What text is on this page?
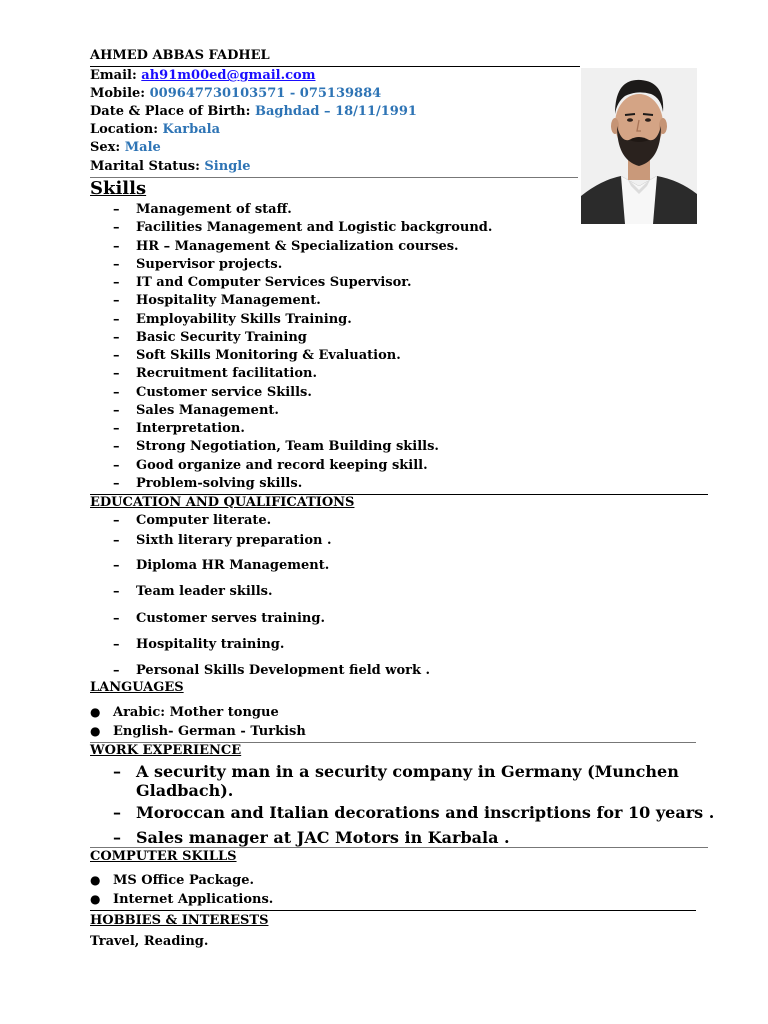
AHMED ABBAS FADHEL
Email: ah91m00ed@gmail.com
Mobile: 009647730103571 - 075139884
Date & Place of Birth: Baghdad – 18/11/1991
Location: Karbala
Sex: Male
Marital Status: Single
Skills
– Management of staff.
– Facilities Management and Logistic background.
– HR – Management & Specialization courses.
– Supervisor projects.
– IT and Computer Services Supervisor.
– Hospitality Management.
– Employability Skills Training.
– Basic Security Training
– Soft Skills Monitoring & Evaluation.
– Recruitment facilitation.
– Customer service Skills.
– Sales Management.
– Interpretation.
– Strong Negotiation, Team Building skills.
– Good organize and record keeping skill.
– Problem-solving skills.
EDUCATION AND QUALIFICATIONS
– Computer literate.
– Sixth literary preparation .
– Diploma HR Management.
– Team leader skills.
– Customer serves training.
– Hospitality training.
– Personal Skills Development field work .
LANGUAGES
● Arabic: Mother tongue
● English- German - Turkish
WORK EXPERIENCE
– A security man in a security company in Germany (Munchen
Gladbach).
– Moroccan and Italian decorations and inscriptions for 10 years .
– Sales manager at JAC Motors in Karbala .
COMPUTER SKILLS
● MS Office Package.
● Internet Applications.
HOBBIES & INTERESTS
Travel, Reading.
